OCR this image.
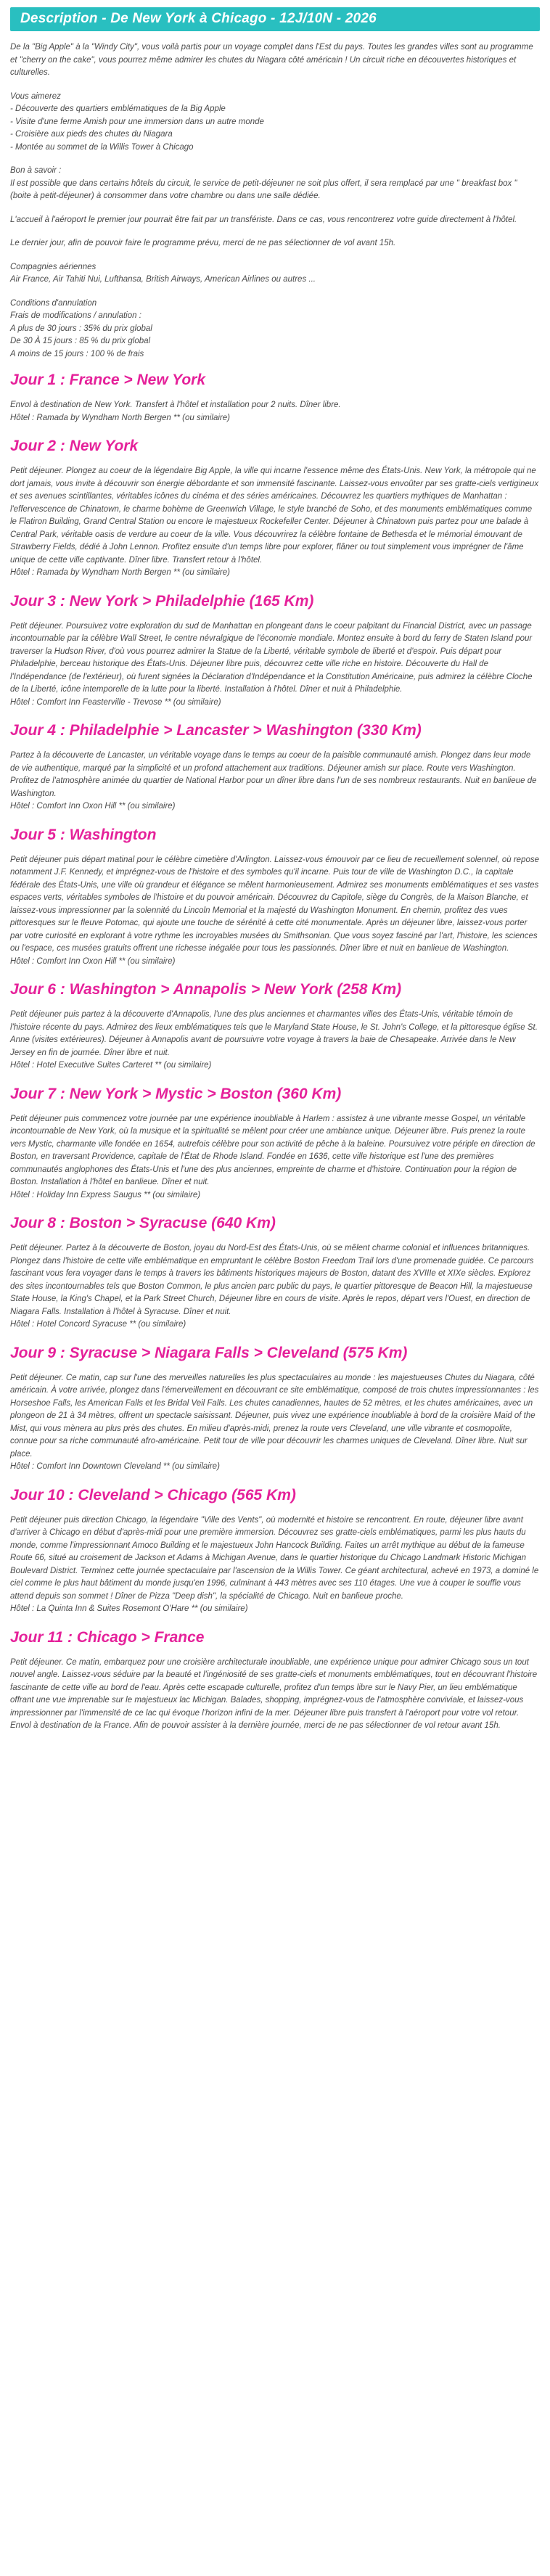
Description - De New York à Chicago - 12J/10N - 2026

De la "Big Apple" à la "Windy City", vous voilà partis pour un voyage complet dans l'Est du pays. Toutes les grandes villes sont au programme et "cherry on the cake", vous pourrez même admirer les chutes du Niagara côté américain ! Un circuit riche en découvertes historiques et culturelles.

Vous aimerez
- Découverte des quartiers emblématiques de la Big Apple
- Visite d'une ferme Amish pour une immersion dans un autre monde
- Croisière aux pieds des chutes du Niagara
- Montée au sommet de la Willis Tower à Chicago
Bon à savoir :
Il est possible que dans certains hôtels du circuit, le service de petit-déjeuner ne soit plus offert, il sera remplacé par une " breakfast box " (boite à petit-déjeuner) à consommer dans votre chambre ou dans une salle dédiée.

L'accueil à l'aéroport le premier jour pourrait être fait par un transfériste. Dans ce cas, vous rencontrerez votre guide directement à l'hôtel.

Le dernier jour, afin de pouvoir faire le programme prévu, merci de ne pas sélectionner de vol avant 15h.

Compagnies aériennes
Air France, Air Tahiti Nui, Lufthansa, British Airways, American Airlines ou autres ...
Conditions d'annulation
Frais de modifications / annulation :
A plus de 30 jours : 35% du prix global
De 30 À 15 jours : 85 % du prix global
A moins de 15 jours : 100 % de frais
Jour 1 : France > New York

Envol à destination de New York. Transfert à l'hôtel et installation pour 2 nuits. Dîner libre.

Hôtel : Ramada by Wyndham North Bergen ** (ou similaire)
Jour 2 : New York

Petit déjeuner. Plongez au coeur de la légendaire Big Apple, la ville qui incarne l'essence même des États-Unis. New York, la métropole qui ne dort jamais, vous invite à découvrir son énergie débordante et son immensité fascinante. Laissez-vous envoûter par ses gratte-ciels vertigineux et ses avenues scintillantes, véritables icônes du cinéma et des séries américaines. Découvrez les quartiers mythiques de Manhattan : l'effervescence de Chinatown, le charme bohème de Greenwich Village, le style branché de Soho, et des monuments emblématiques comme le Flatiron Building, Grand Central Station ou encore le majestueux Rockefeller Center. Déjeuner à Chinatown puis partez pour une balade à Central Park, véritable oasis de verdure au coeur de la ville. Vous découvrirez la célèbre fontaine de Bethesda et le mémorial émouvant de Strawberry Fields, dédié à John Lennon. Profitez ensuite d'un temps libre pour explorer, flâner ou tout simplement vous imprégner de l'âme unique de cette ville captivante. Dîner libre. Transfert retour à l'hôtel.

Hôtel : Ramada by Wyndham North Bergen ** (ou similaire)
Jour 3 : New York > Philadelphie (165 Km)

Petit déjeuner. Poursuivez votre exploration du sud de Manhattan en plongeant dans le coeur palpitant du Financial District, avec un passage incontournable par la célèbre Wall Street, le centre névralgique de l'économie mondiale. Montez ensuite à bord du ferry de Staten Island pour traverser la Hudson River, d'où vous pourrez admirer la Statue de la Liberté, véritable symbole de liberté et d'espoir. Puis départ pour Philadelphie, berceau historique des États-Unis. Déjeuner libre puis, découvrez cette ville riche en histoire. Découverte du Hall de l'Indépendance (de l'extérieur), où furent signées la Déclaration d'Indépendance et la Constitution Américaine, puis admirez la célèbre Cloche de la Liberté, icône intemporelle de la lutte pour la liberté. Installation à l'hôtel. Dîner et nuit à Philadelphie.

Hôtel : Comfort Inn Feasterville - Trevose ** (ou similaire)
Jour 4 : Philadelphie > Lancaster > Washington (330 Km)

Partez à la découverte de Lancaster, un véritable voyage dans le temps au coeur de la paisible communauté amish. Plongez dans leur mode de vie authentique, marqué par la simplicité et un profond attachement aux traditions. Déjeuner amish sur place. Route vers Washington. Profitez de l'atmosphère animée du quartier de National Harbor pour un dîner libre dans l'un de ses nombreux restaurants. Nuit en banlieue de Washington.

Hôtel : Comfort Inn Oxon Hill ** (ou similaire)
Jour 5 : Washington

Petit déjeuner puis départ matinal pour le célèbre cimetière d'Arlington. Laissez-vous émouvoir par ce lieu de recueillement solennel, où repose notamment J.F. Kennedy, et imprégnez-vous de l'histoire et des symboles qu'il incarne. Puis tour de ville de Washington D.C., la capitale fédérale des États-Unis, une ville où grandeur et élégance se mêlent harmonieusement. Admirez ses monuments emblématiques et ses vastes espaces verts, véritables symboles de l'histoire et du pouvoir américain. Découvrez du Capitole, siège du Congrès, de la Maison Blanche, et laissez-vous impressionner par la solennité du Lincoln Memorial et la majesté du Washington Monument. En chemin, profitez des vues pittoresques sur le fleuve Potomac, qui ajoute une touche de sérénité à cette cité monumentale. Après un déjeuner libre, laissez-vous porter par votre curiosité en explorant à votre rythme les incroyables musées du Smithsonian. Que vous soyez fasciné par l'art, l'histoire, les sciences ou l'espace, ces musées gratuits offrent une richesse inégalée pour tous les passionnés. Dîner libre et nuit en banlieue de Washington.

Hôtel : Comfort Inn Oxon Hill ** (ou similaire)
Jour 6 : Washington > Annapolis > New York (258 Km)

Petit déjeuner puis partez à la découverte d'Annapolis, l'une des plus anciennes et charmantes villes des États-Unis, véritable témoin de l'histoire récente du pays. Admirez des lieux emblématiques tels que le Maryland State House, le St. John's College, et la pittoresque église St. Anne (visites extérieures). Déjeuner à Annapolis avant de poursuivre votre voyage à travers la baie de Chesapeake. Arrivée dans le New Jersey en fin de journée. Dîner libre et nuit.

Hôtel : Hotel Executive Suites Carteret ** (ou similaire)
Jour 7 : New York > Mystic > Boston (360 Km)

Petit déjeuner puis commencez votre journée par une expérience inoubliable à Harlem : assistez à une vibrante messe Gospel, un véritable incontournable de New York, où la musique et la spiritualité se mêlent pour créer une ambiance unique. Déjeuner libre. Puis prenez la route vers Mystic, charmante ville fondée en 1654, autrefois célèbre pour son activité de pêche à la baleine. Poursuivez votre périple en direction de Boston, en traversant Providence, capitale de l'État de Rhode Island. Fondée en 1636, cette ville historique est l'une des premières communautés anglophones des États-Unis et l'une des plus anciennes, empreinte de charme et d'histoire. Continuation pour la région de Boston. Installation à l'hôtel en banlieue. Dîner et nuit.

Hôtel : Holiday Inn Express Saugus ** (ou similaire)
Jour 8 : Boston > Syracuse (640 Km)

Petit déjeuner. Partez à la découverte de Boston, joyau du Nord-Est des États-Unis, où se mêlent charme colonial et influences britanniques. Plongez dans l'histoire de cette ville emblématique en empruntant le célèbre Boston Freedom Trail lors d'une promenade guidée. Ce parcours fascinant vous fera voyager dans le temps à travers les bâtiments historiques majeurs de Boston, datant des XVIIIe et XIXe siècles. Explorez des sites incontournables tels que Boston Common, le plus ancien parc public du pays, le quartier pittoresque de Beacon Hill, la majestueuse State House, la King's Chapel, et la Park Street Church, Déjeuner libre en cours de visite. Après le repos, départ vers l'Ouest, en direction de Niagara Falls. Installation à l'hôtel à Syracuse. Dîner et nuit.

Hôtel : Hotel Concord Syracuse ** (ou similaire)
Jour 9 : Syracuse > Niagara Falls > Cleveland (575 Km)

Petit déjeuner. Ce matin, cap sur l'une des merveilles naturelles les plus spectaculaires au monde : les majestueuses Chutes du Niagara, côté américain. À votre arrivée, plongez dans l'émerveillement en découvrant ce site emblématique, composé de trois chutes impressionnantes : les Horseshoe Falls, les American Falls et les Bridal Veil Falls. Les chutes canadiennes, hautes de 52 mètres, et les chutes américaines, avec un plongeon de 21 à 34 mètres, offrent un spectacle saisissant. Déjeuner, puis vivez une expérience inoubliable à bord de la croisière Maid of the Mist, qui vous mènera au plus près des chutes. En milieu d'après-midi, prenez la route vers Cleveland, une ville vibrante et cosmopolite, connue pour sa riche communauté afro-américaine. Petit tour de ville pour découvrir les charmes uniques de Cleveland. Dîner libre. Nuit sur place.

Hôtel : Comfort Inn Downtown Cleveland ** (ou similaire)
Jour 10 : Cleveland > Chicago (565 Km)

Petit déjeuner puis direction Chicago, la légendaire "Ville des Vents", où modernité et histoire se rencontrent. En route, déjeuner libre avant d'arriver à Chicago en début d'après-midi pour une première immersion. Découvrez ses gratte-ciels emblématiques, parmi les plus hauts du monde, comme l'impressionnant Amoco Building et le majestueux John Hancock Building. Faites un arrêt mythique au début de la fameuse Route 66, situé au croisement de Jackson et Adams à Michigan Avenue, dans le quartier historique du Chicago Landmark Historic Michigan Boulevard District. Terminez cette journée spectaculaire par l'ascension de la Willis Tower. Ce géant architectural, achevé en 1973, a dominé le ciel comme le plus haut bâtiment du monde jusqu'en 1996, culminant à 443 mètres avec ses 110 étages. Une vue à couper le souffle vous attend depuis son sommet ! Dîner de Pizza "Deep dish", la spécialité de Chicago. Nuit en banlieue proche.

Hôtel : La Quinta Inn & Suites Rosemont O'Hare ** (ou similaire)
Jour 11 : Chicago > France

Petit déjeuner. Ce matin, embarquez pour une croisière architecturale inoubliable, une expérience unique pour admirer Chicago sous un tout nouvel angle. Laissez-vous séduire par la beauté et l'ingéniosité de ses gratte-ciels et monuments emblématiques, tout en découvrant l'histoire fascinante de cette ville au bord de l'eau. Après cette escapade culturelle, profitez d'un temps libre sur le Navy Pier, un lieu emblématique offrant une vue imprenable sur le majestueux lac Michigan. Balades, shopping, imprégnez-vous de l'atmosphère conviviale, et laissez-vous impressionner par l'immensité de ce lac qui évoque l'horizon infini de la mer. Déjeuner libre puis transfert à l'aéroport pour votre vol retour. Envol à destination de la France. Afin de pouvoir assister à la dernière journée, merci de ne pas sélectionner de vol retour avant 15h.
